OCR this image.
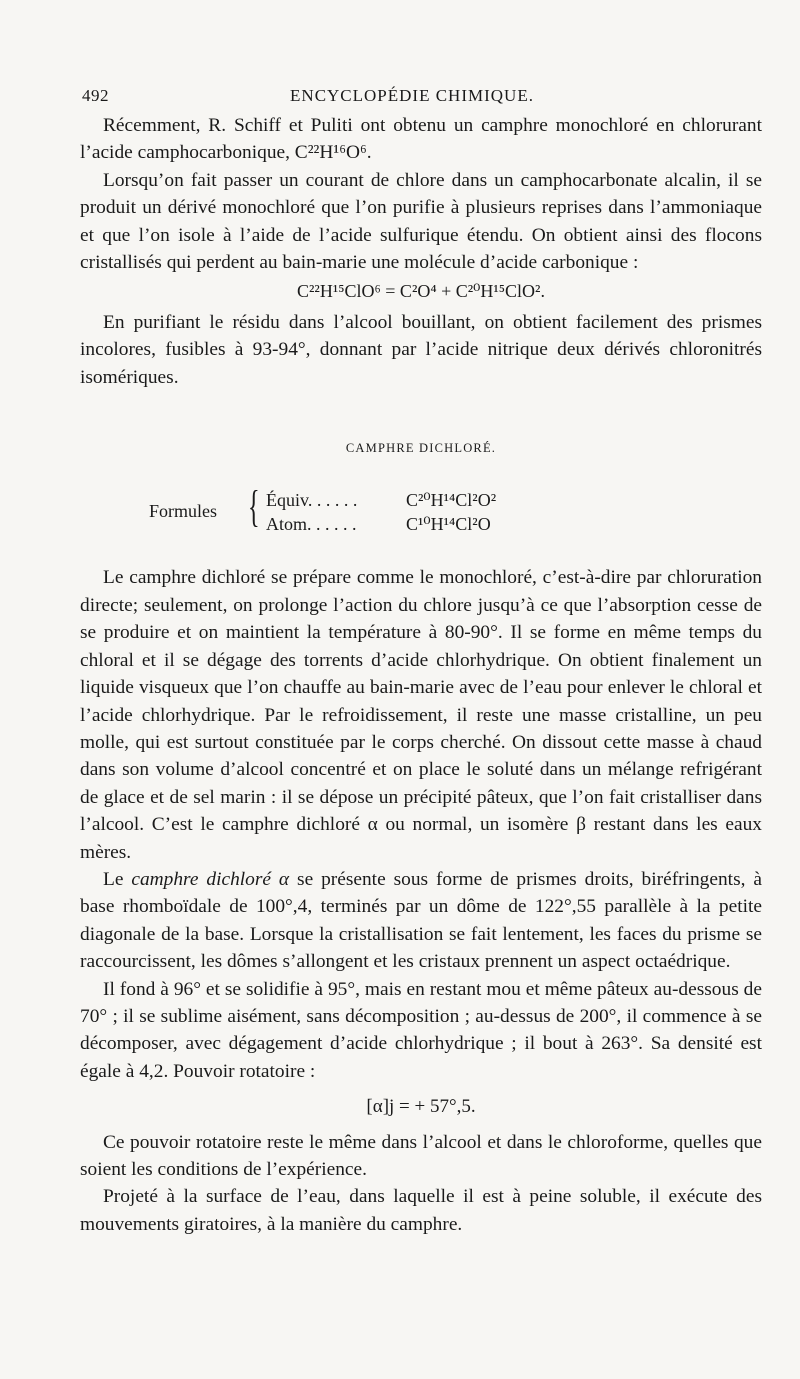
492	ENCYCLOPÉDIE CHIMIQUE.

Récemment, R. Schiff et Puliti ont obtenu un camphre monochloré en chlorurant l’acide camphocarbonique, C²²H¹⁶O⁶.

Lorsqu’on fait passer un courant de chlore dans un camphocarbonate alcalin, il se produit un dérivé monochloré que l’on purifie à plusieurs reprises dans l’ammoniaque et que l’on isole à l’aide de l’acide sulfurique étendu. On obtient ainsi des flocons cristallisés qui perdent au bain-marie une molécule d’acide carbonique :

C²²H¹⁵ClO⁶ = C²O⁴ + C²⁰H¹⁵ClO².

En purifiant le résidu dans l’alcool bouillant, on obtient facilement des prismes incolores, fusibles à 93-94°, donnant par l’acide nitrique deux dérivés chloronitrés isomériques.

CAMPHRE DICHLORÉ.
Formules { Équiv. . . . . .	C²⁰H¹⁴Cl²O²
Atom. . . . . .	C¹⁰H¹⁴Cl²O

Le camphre dichloré se prépare comme le monochloré, c’est-à-dire par chloruration directe; seulement, on prolonge l’action du chlore jusqu’à ce que l’absorption cesse de se produire et on maintient la température à 80-90°. Il se forme en même temps du chloral et il se dégage des torrents d’acide chlorhydrique. On obtient finalement un liquide visqueux que l’on chauffe au bain-marie avec de l’eau pour enlever le chloral et l’acide chlorhydrique. Par le refroidissement, il reste une masse cristalline, un peu molle, qui est surtout constituée par le corps cherché. On dissout cette masse à chaud dans son volume d’alcool concentré et on place le soluté dans un mélange refrigérant de glace et de sel marin : il se dépose un précipité pâteux, que l’on fait cristalliser dans l’alcool. C’est le camphre dichloré α ou normal, un isomère β restant dans les eaux mères.

Le camphre dichloré α se présente sous forme de prismes droits, biréfringents, à base rhomboïdale de 100°,4, terminés par un dôme de 122°,55 parallèle à la petite diagonale de la base. Lorsque la cristallisation se fait lentement, les faces du prisme se raccourcissent, les dômes s’allongent et les cristaux prennent un aspect octaédrique.

Il fond à 96° et se solidifie à 95°, mais en restant mou et même pâteux au-dessous de 70° ; il se sublime aisément, sans décomposition ; au-dessus de 200°, il commence à se décomposer, avec dégagement d’acide chlorhydrique ; il bout à 263°. Sa densité est égale à 4,2. Pouvoir rotatoire :

[α]j = + 57°,5.

Ce pouvoir rotatoire reste le même dans l’alcool et dans le chloroforme, quelles que soient les conditions de l’expérience.

Projeté à la surface de l’eau, dans laquelle il est à peine soluble, il exécute des mouvements giratoires, à la manière du camphre.
